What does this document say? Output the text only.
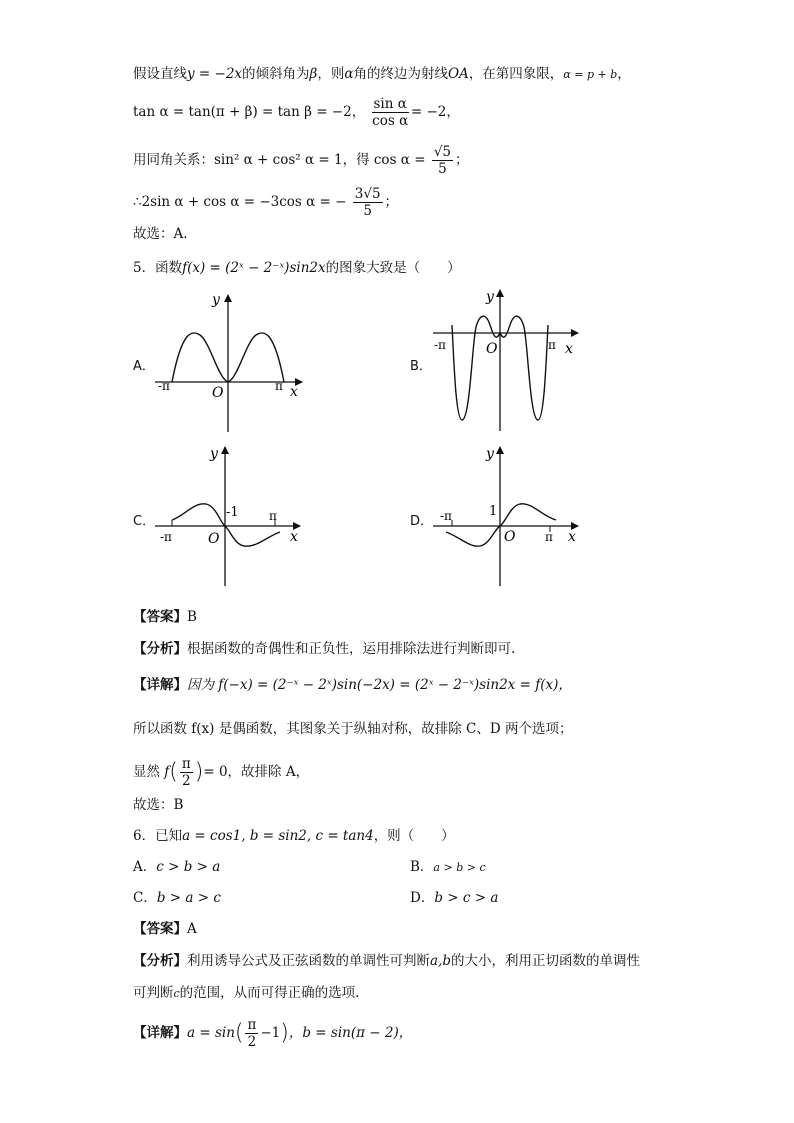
假设直线y = −2x的倾斜角为β，则α角的终边为射线OA，在第四象限，α = p + b，
tan α = tan(π + β) = tan β = −2， $\frac{\text{sin α}}{\text{cos α}} = -2$，
用同角关系：sin² α + cos² α = 1，得 $\cos \alpha = \frac{√5}{5}$ ；
∴2sin α + cos α = −3cos α = − $\frac{3√5}{5}$ ；
故选：A.
5．函数f(x) = (2ˣ − 2⁻ˣ)sin2x的图象大致是（　　）
A．	B．
C．	D．
y
x
O
-π	π
y
x
O
-π	π
y
x
O
-π
π
-1
y
x
O
-π
π
1
【答案】B
【分析】根据函数的奇偶性和正负性，运用排除法进行判断即可.
【详解】因为 f(−x) = (2⁻ˣ − 2ˣ)sin(−2x) = (2ˣ − 2⁻ˣ)sin2x = f(x)，
所以函数 f(x) 是偶函数，其图象关于纵轴对称，故排除 C、D 两个选项；
显然 $f( \frac{\pi}{2}$ )= 0，故排除 A，
故选：B
6．已知a = cos1, b = sin2, c = tan4，则（　　）
A．c > b > a	B．a > b > c
C．b > a > c	D．b > c > a
【答案】A
【分析】利用诱导公式及正弦函数的单调性可判断a,b的大小，利用正切函数的单调性
可判断c的范围，从而可得正确的选项.
【详解】$a = \sin( \frac{\pi}{2} -1)$，b = sin(π − 2)，
